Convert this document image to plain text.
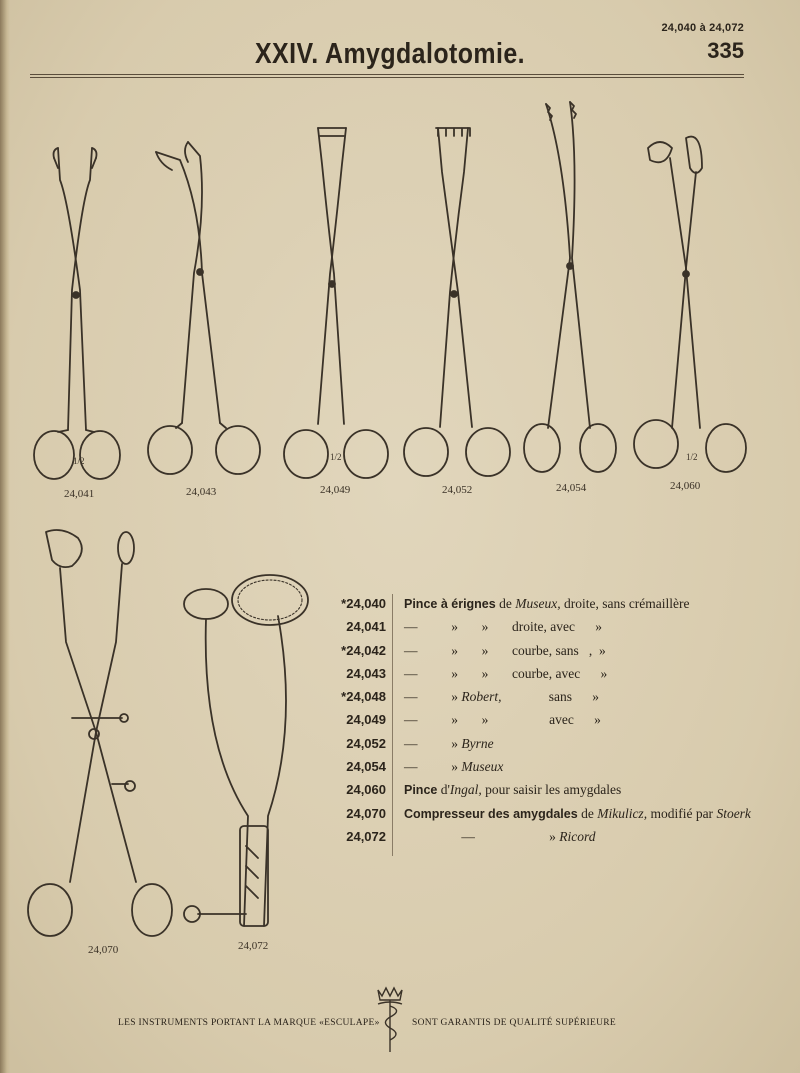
24,040 à 24,072
335
XXIV. Amygdalotomie.
24,041
1/2
24,043	24,049
1/2
24,052	24,054	24,060
1/2
24,070	24,072
*24,040 Pince à érignes de Museux, droite, sans crémaillère
24,041 —          »       »       droite, avec      »
*24,042 —          »       »       courbe, sans   ,  »
24,043 —          »       »       courbe, avec      »
*24,048 —          » Robert,              sans      »
24,049 —          »       »                  avec      »
24,052 —          » Byrne
24,054 —          » Museux
24,060 Pince d'Ingal, pour saisir les amygdales
24,070 Compresseur des amygdales de Mikulicz, modifié par Stoerk
24,072 —                      » Ricord
LES INSTRUMENTS PORTANT LA MARQUE «ESCULAPE»	SONT GARANTIS DE QUALITÉ SUPÉRIEURE
